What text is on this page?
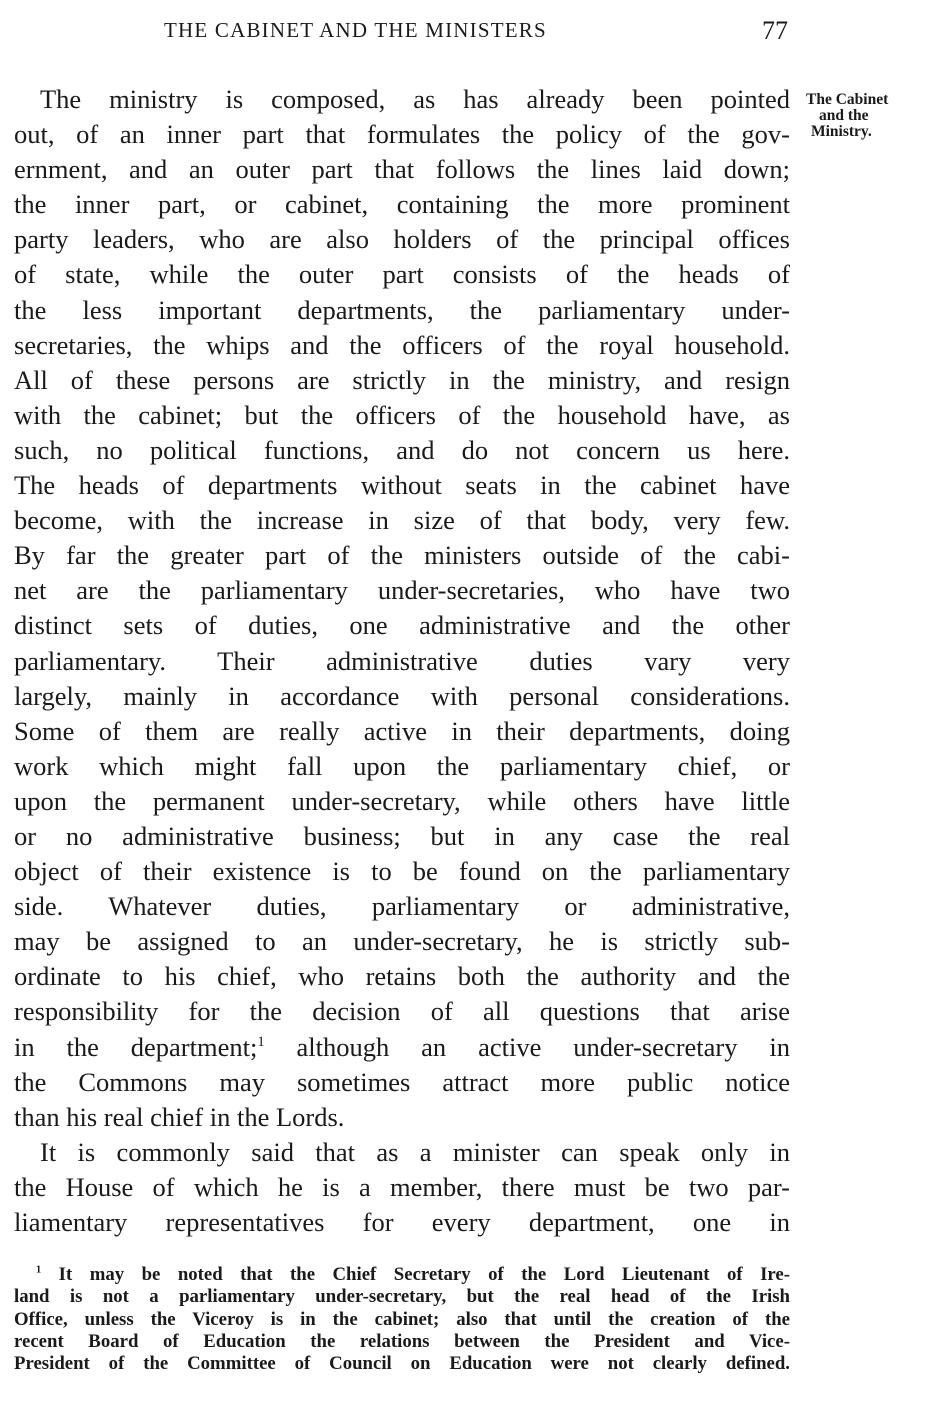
THE CABINET AND THE MINISTERS	77
The Cabinet
and the
Ministry.
The ministry is composed, as has already been pointed
out, of an inner part that formulates the policy of the gov-
ernment, and an outer part that follows the lines laid down;
the inner part, or cabinet, containing the more prominent
party leaders, who are also holders of the principal offices
of state, while the outer part consists of the heads of
the less important departments, the parliamentary under-
secretaries, the whips and the officers of the royal household.
All of these persons are strictly in the ministry, and resign
with the cabinet; but the officers of the household have, as
such, no political functions, and do not concern us here.
The heads of departments without seats in the cabinet have
become, with the increase in size of that body, very few.
By far the greater part of the ministers outside of the cabi-
net are the parliamentary under-secretaries, who have two
distinct sets of duties, one administrative and the other
parliamentary. Their administrative duties vary very
largely, mainly in accordance with personal considerations.
Some of them are really active in their departments, doing
work which might fall upon the parliamentary chief, or
upon the permanent under-secretary, while others have little
or no administrative business; but in any case the real
object of their existence is to be found on the parliamentary
side. Whatever duties, parliamentary or administrative,
may be assigned to an under-secretary, he is strictly sub-
ordinate to his chief, who retains both the authority and the
responsibility for the decision of all questions that arise
in the department;$^1$ although an active under-secretary in
the Commons may sometimes attract more public notice
than his real chief in the Lords.
It is commonly said that as a minister can speak only in
the House of which he is a member, there must be two par-
liamentary representatives for every department, one in
$^1$ It may be noted that the Chief Secretary of the Lord Lieutenant of Ire-
land is not a parliamentary under-secretary, but the real head of the Irish
Office, unless the Viceroy is in the cabinet; also that until the creation of the
recent Board of Education the relations between the President and Vice-
President of the Committee of Council on Education were not clearly defined.
